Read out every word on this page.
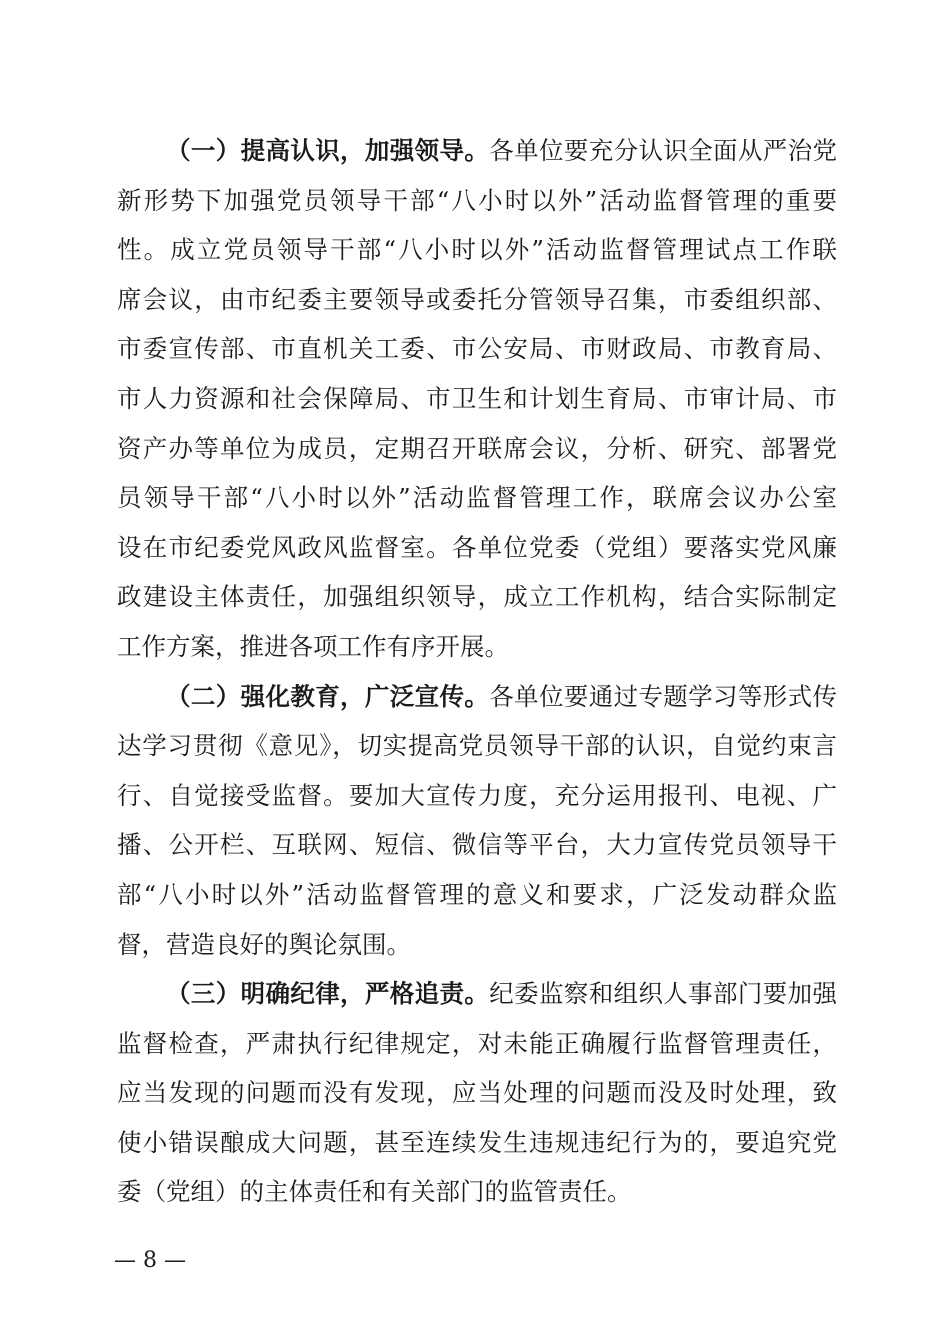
（一）提高认识，加强领导。各单位要充分认识全面从严治党
新形势下加强党员领导干部“八小时以外”活动监督管理的重要
性。成立党员领导干部“八小时以外”活动监督管理试点工作联
席会议，由市纪委主要领导或委托分管领导召集，市委组织部、
市委宣传部、市直机关工委、市公安局、市财政局、市教育局、
市人力资源和社会保障局、市卫生和计划生育局、市审计局、市
资产办等单位为成员，定期召开联席会议，分析、研究、部署党
员领导干部“八小时以外”活动监督管理工作，联席会议办公室
设在市纪委党风政风监督室。各单位党委（党组）要落实党风廉
政建设主体责任，加强组织领导，成立工作机构，结合实际制定
工作方案，推进各项工作有序开展。
（二）强化教育，广泛宣传。各单位要通过专题学习等形式传
达学习贯彻《意见》，切实提高党员领导干部的认识，自觉约束言
行、自觉接受监督。要加大宣传力度，充分运用报刊、电视、广
播、公开栏、互联网、短信、微信等平台，大力宣传党员领导干
部“八小时以外”活动监督管理的意义和要求，广泛发动群众监
督，营造良好的舆论氛围。
（三）明确纪律，严格追责。纪委监察和组织人事部门要加强
监督检查，严肃执行纪律规定，对未能正确履行监督管理责任，
应当发现的问题而没有发现，应当处理的问题而没及时处理，致
使小错误酿成大问题，甚至连续发生违规违纪行为的，要追究党
委（党组）的主体责任和有关部门的监管责任。
— 8 —
